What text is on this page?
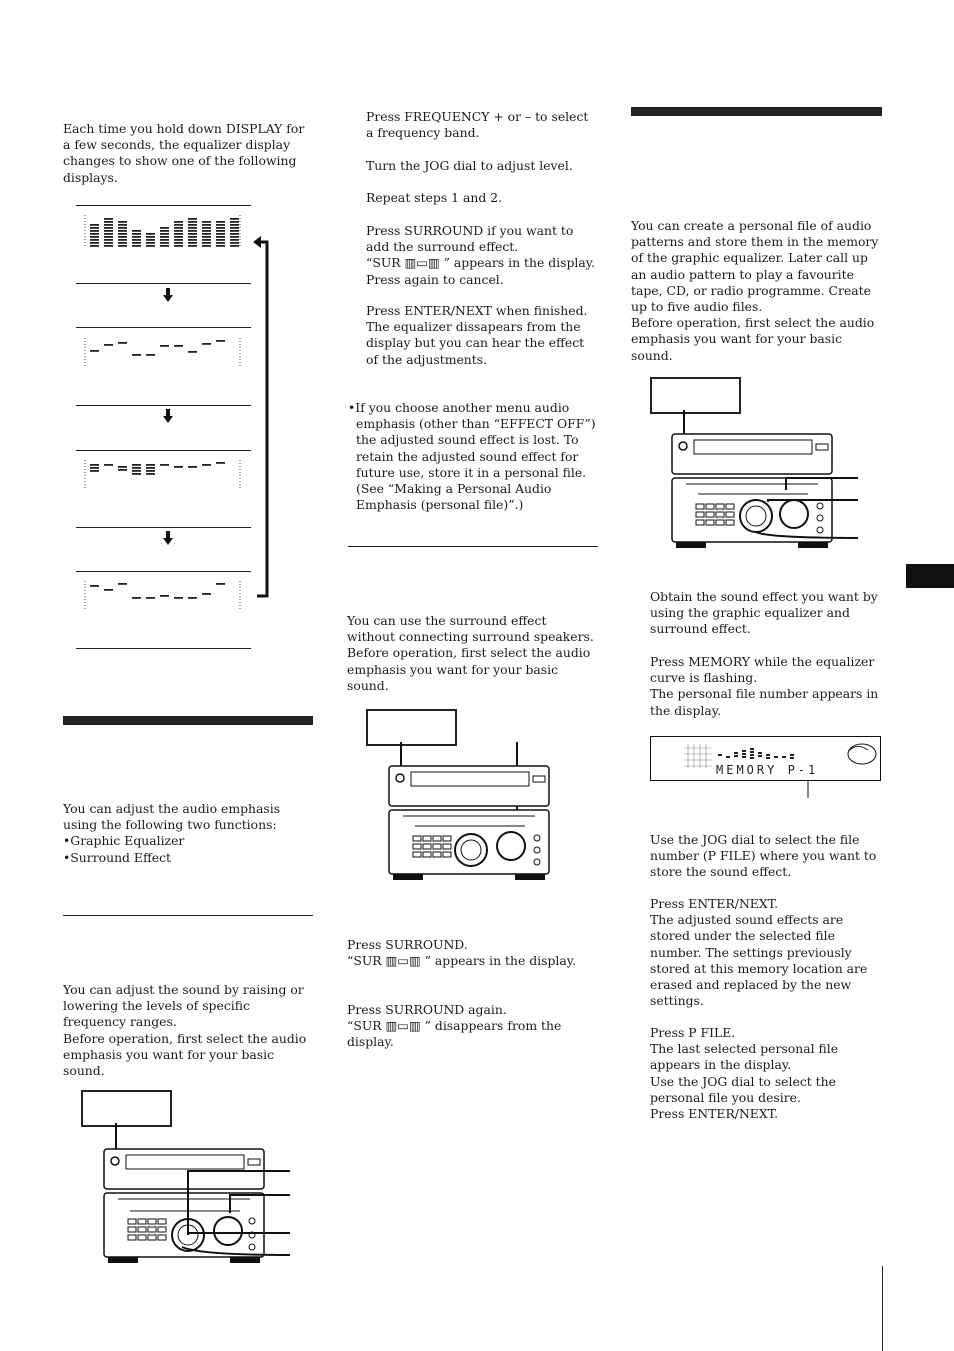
Each time you hold down DISPLAY for a few seconds, the equalizer display changes to show one of the following displays.

You can adjust the audio emphasis using the following two functions:

•Graphic Equalizer

•Surround Effect

You can adjust the sound by raising or lowering the levels of specific frequency ranges.

Before operation, first select the audio emphasis you want for your basic sound.

Press FREQUENCY + or – to select a frequency band.

Turn the JOG dial to adjust level.

Repeat steps 1 and 2.

Press SURROUND if you want to add the surround effect.

“SUR ▥▭▥ ” appears in the display.

Press again to cancel.

Press ENTER/NEXT when finished.

The equalizer dissapears from the display but you can hear the effect of the adjustments.

•If you choose another menu audio emphasis (other than “EFFECT OFF”) the adjusted sound effect is lost. To retain the adjusted sound effect for future use, store it in a personal file. (See “Making a Personal Audio Emphasis (personal file)”.)

You can use the surround effect without connecting surround speakers.

Before operation, first select the audio emphasis you want for your basic sound.

Press SURROUND.

“SUR ▥▭▥ ” appears in the display.

Press SURROUND again.

“SUR ▥▭▥ ” disappears from the display.

You can create a personal file of audio patterns and store them in the memory of the graphic equalizer. Later call up an audio pattern to play a favourite tape, CD, or radio programme. Create up to five audio files.

Before operation, first select the audio emphasis you want for your basic sound.

Obtain the sound effect you want by using the graphic equalizer and surround effect.

Press MEMORY while the equalizer curve is flashing.

The personal file number appears in the display.

MEMORY P-1

Use the JOG dial to select the file number (P FILE) where you want to store the sound effect.

Press ENTER/NEXT.

The adjusted sound effects are stored under the selected file number. The settings previously stored at this memory location are erased and replaced by the new settings.

Press P FILE.

The last selected personal file appears in the display.

Use the JOG dial to select the personal file you desire.

Press ENTER/NEXT.
